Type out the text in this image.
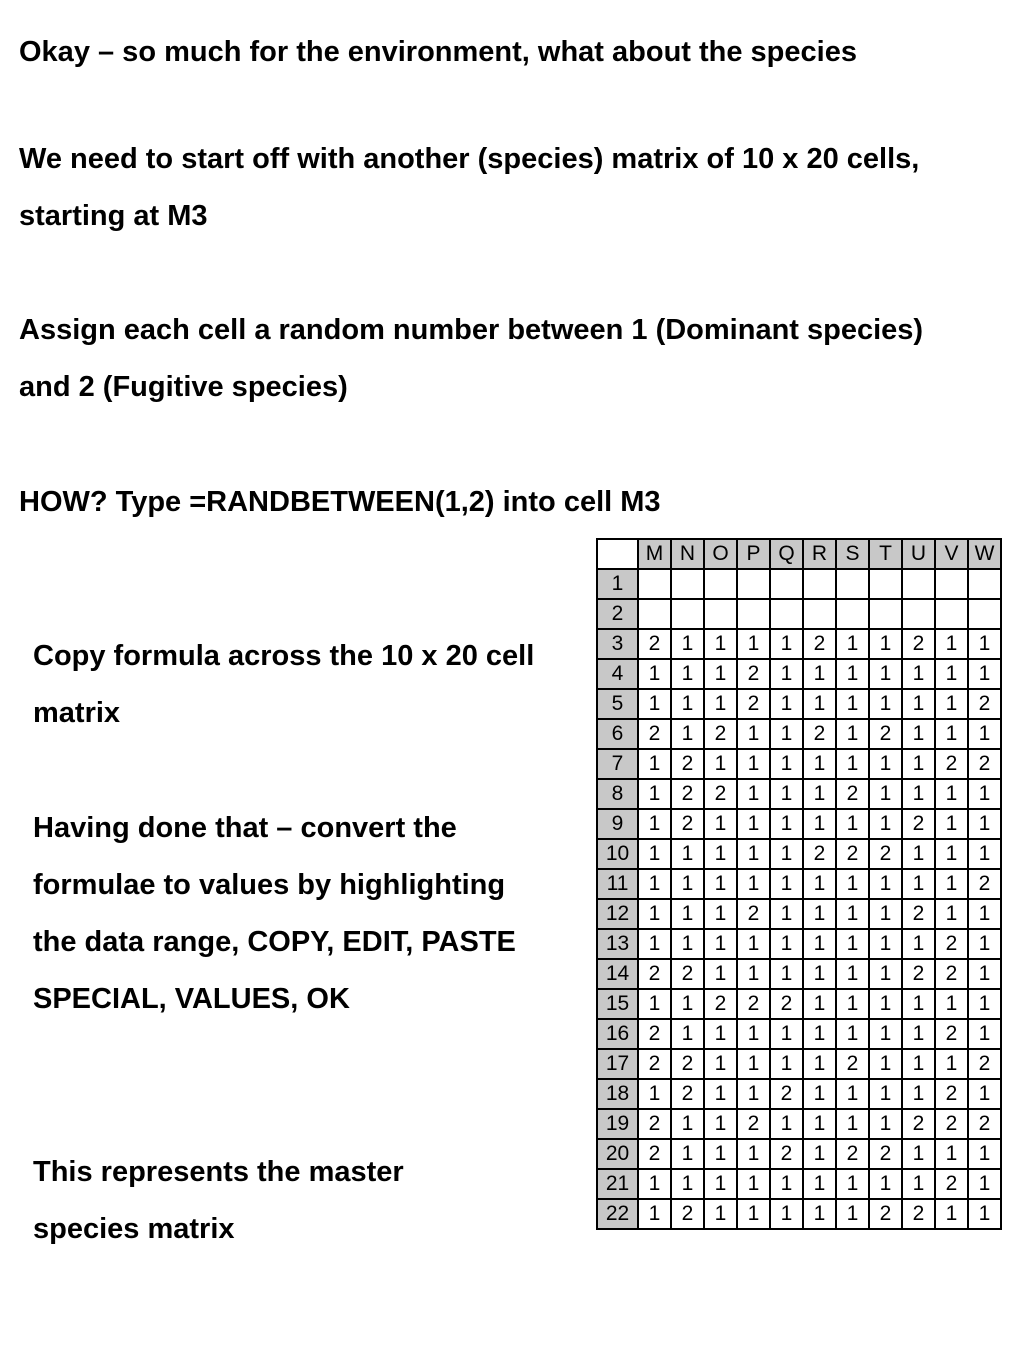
Okay – so much for the environment, what about the species

We need to start off with another (species) matrix of 10 x 20 cells, starting at M3

Assign each cell a random number between 1 (Dominant species) and 2 (Fugitive species)

HOW? Type =RANDBETWEEN(1,2) into cell M3

Copy formula across the 10 x 20 cell matrix

Having done that – convert the formulae to values by highlighting the data range, COPY, EDIT, PASTE SPECIAL, VALUES, OK

This represents the master species matrix

	M	N	O	P	Q	R	S	T	U	V	W
1											
2											
3	2	1	1	1	1	2	1	1	2	1	1
4	1	1	1	2	1	1	1	1	1	1	1
5	1	1	1	2	1	1	1	1	1	1	2
6	2	1	2	1	1	2	1	2	1	1	1
7	1	2	1	1	1	1	1	1	1	2	2
8	1	2	2	1	1	1	2	1	1	1	1
9	1	2	1	1	1	1	1	1	2	1	1
10	1	1	1	1	1	2	2	2	1	1	1
11	1	1	1	1	1	1	1	1	1	1	2
12	1	1	1	2	1	1	1	1	2	1	1
13	1	1	1	1	1	1	1	1	1	2	1
14	2	2	1	1	1	1	1	1	2	2	1
15	1	1	2	2	2	1	1	1	1	1	1
16	2	1	1	1	1	1	1	1	1	2	1
17	2	2	1	1	1	1	2	1	1	1	2
18	1	2	1	1	2	1	1	1	1	2	1
19	2	1	1	2	1	1	1	1	2	2	2
20	2	1	1	1	2	1	2	2	1	1	1
21	1	1	1	1	1	1	1	1	1	2	1
22	1	2	1	1	1	1	1	2	2	1	1
